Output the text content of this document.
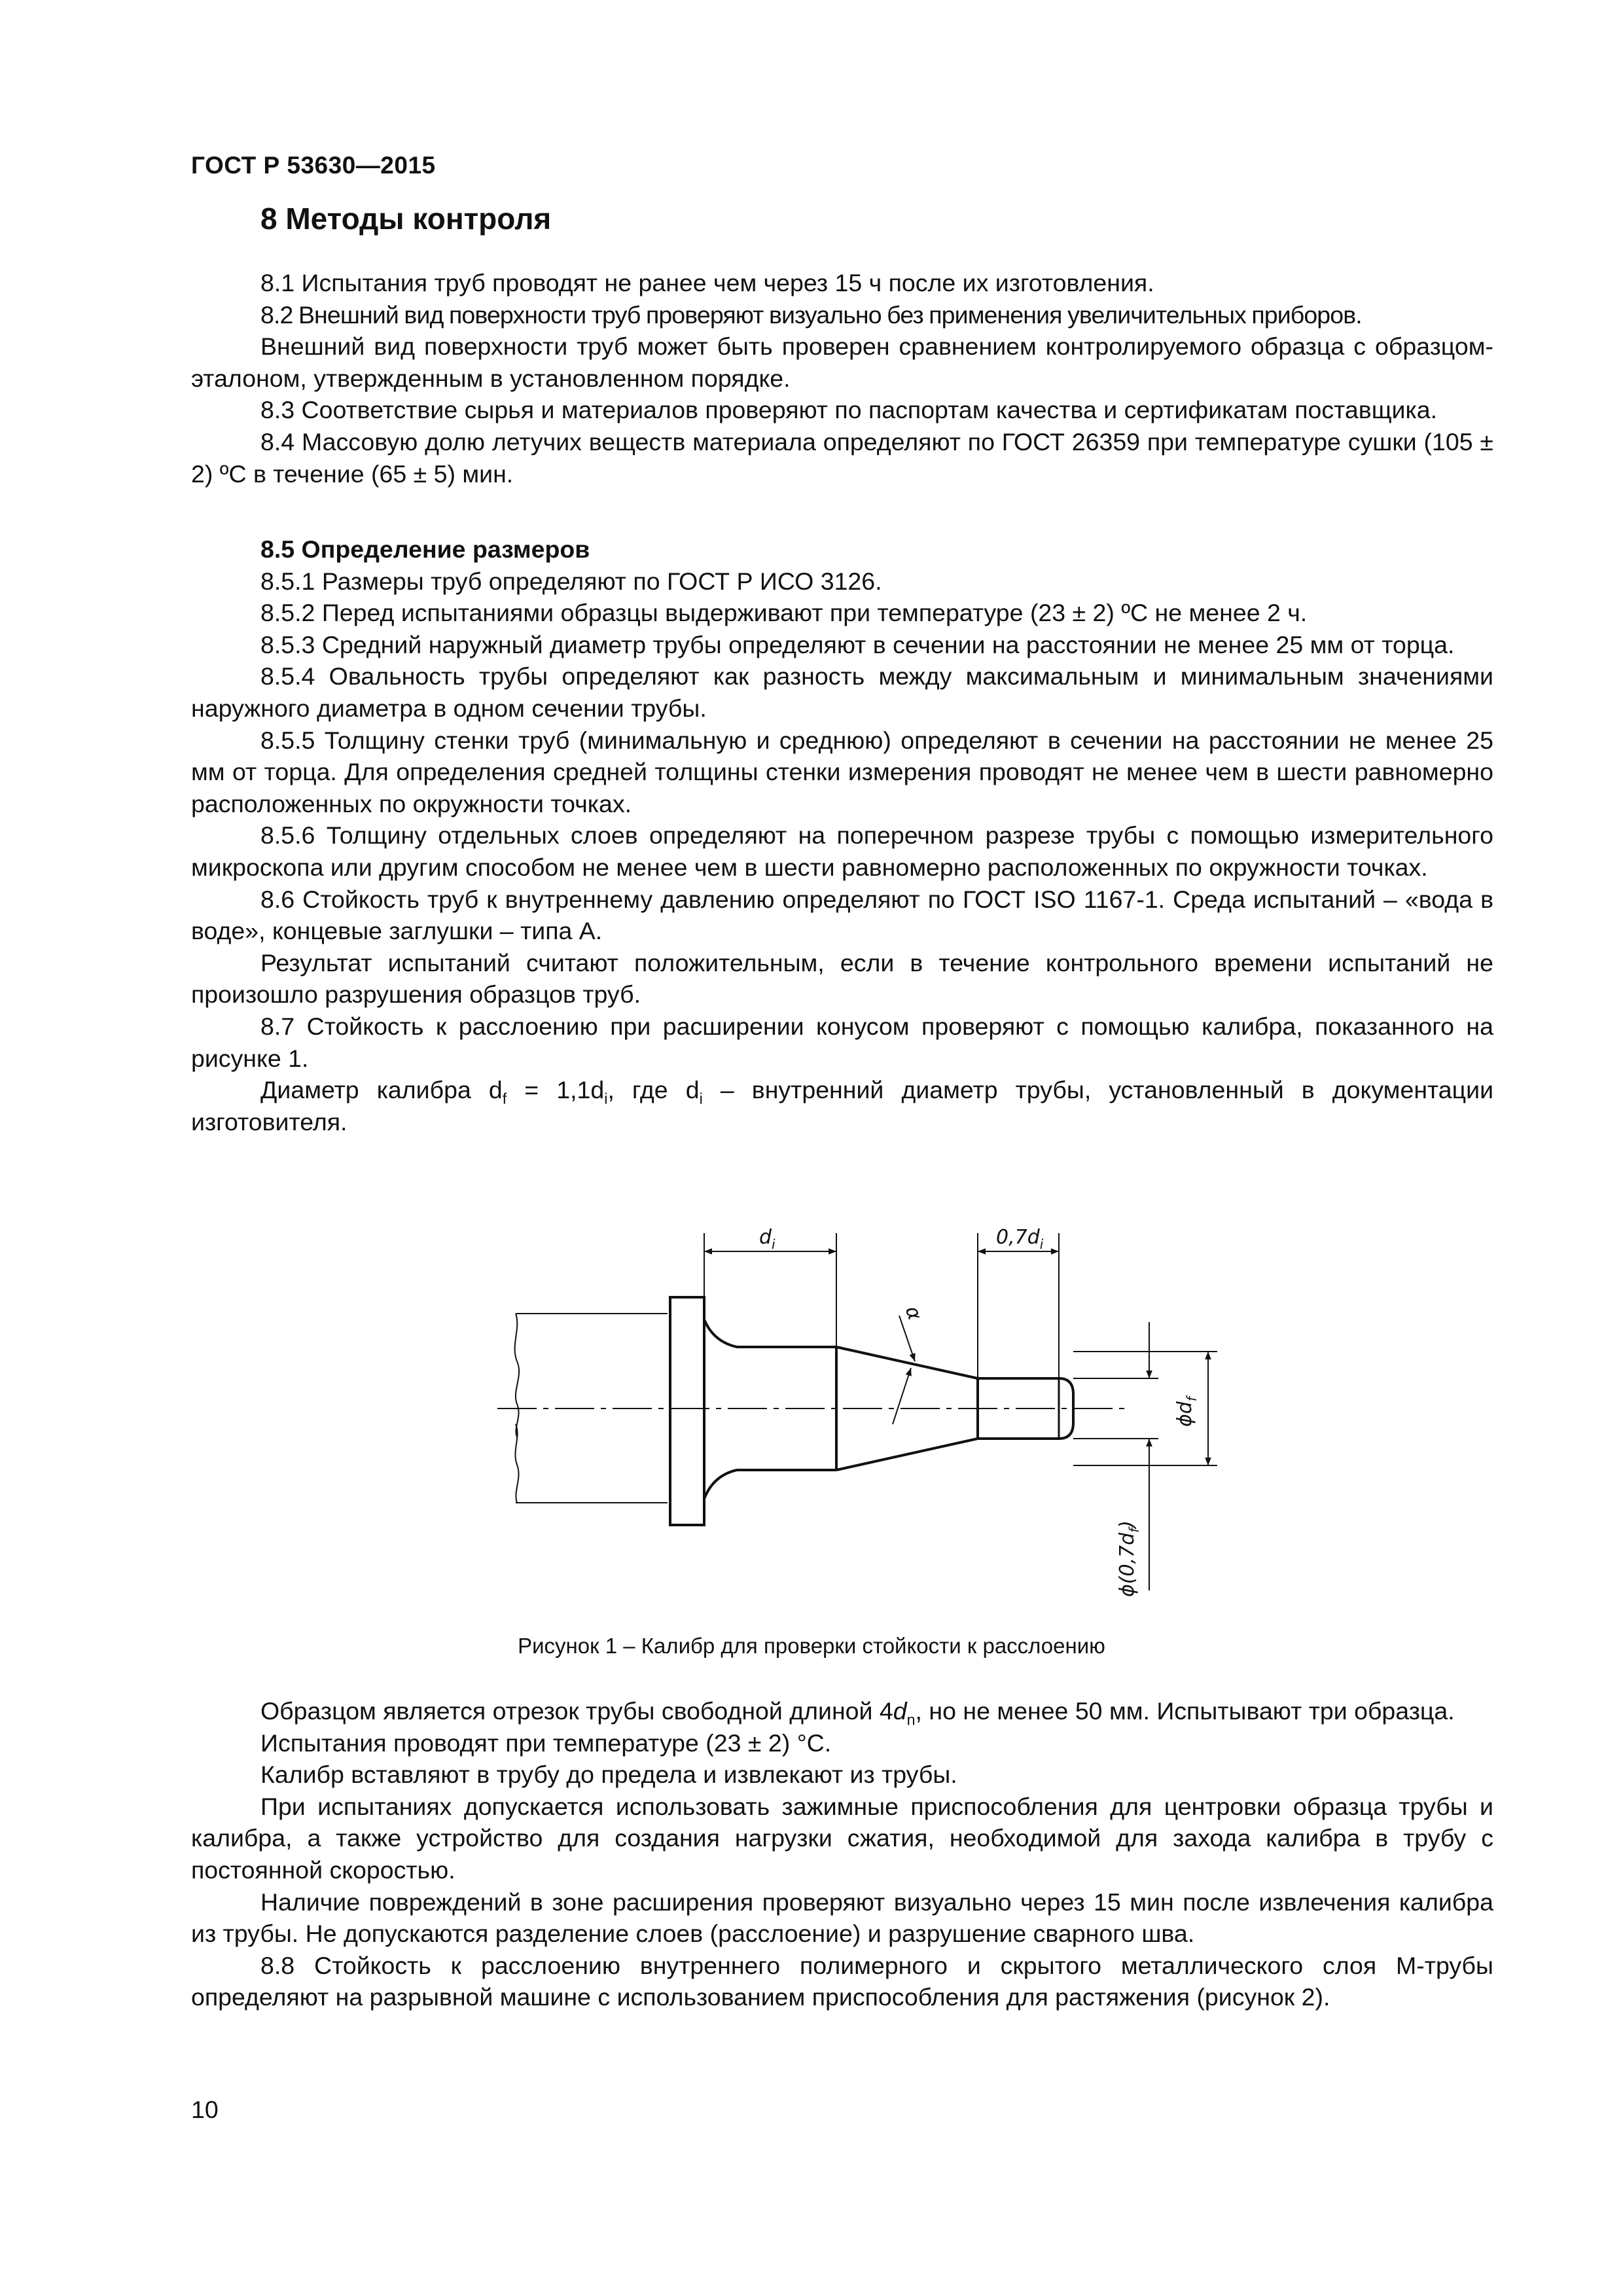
ГОСТ Р 53630—2015
8 Методы контроля

8.1 Испытания труб проводят не ранее чем через 15 ч после их изготовления.

8.2 Внешний вид поверхности труб проверяют визуально без применения увеличительных приборов.

Внешний вид поверхности труб может быть проверен сравнением контролируемого образца с образцом-эталоном, утвержденным в установленном порядке.

8.3 Соответствие сырья и материалов проверяют по паспортам качества и сертификатам поставщика.

8.4 Массовую долю летучих веществ материала определяют по ГОСТ 26359 при температуре сушки (105 ± 2) ºС в течение (65 ± 5) мин.

8.5 Определение размеров

8.5.1 Размеры труб определяют по ГОСТ Р ИСО 3126.

8.5.2 Перед испытаниями образцы выдерживают при температуре (23 ± 2) ºС не менее 2 ч.

8.5.3 Средний наружный диаметр трубы определяют в сечении на расстоянии не менее 25 мм от торца.

8.5.4 Овальность трубы определяют как разность между максимальным и минимальным значениями наружного диаметра в одном сечении трубы.

8.5.5 Толщину стенки труб (минимальную и среднюю) определяют в сечении на расстоянии не менее 25 мм от торца. Для определения средней толщины стенки измерения проводят не менее чем в шести равномерно расположенных по окружности точках.

8.5.6 Толщину отдельных слоев определяют на поперечном разрезе трубы с помощью измерительного микроскопа или другим способом не менее чем в шести равномерно расположенных по окружности точках.

8.6 Стойкость труб к внутреннему давлению определяют по ГОСТ ISO 1167-1. Среда испытаний – «вода в воде», концевые заглушки – типа А.

Результат испытаний считают положительным, если в течение контрольного времени испытаний не произошло разрушения образцов труб.

8.7 Стойкость к расслоению при расширении конусом проверяют с помощью калибра, показанного на рисунке 1.

Диаметр калибра $d_f = 1,1d_i$, где $d_i$ – внутренний диаметр трубы, установленный в документации изготовителя.

$d_i$	$0,7d_i$
α
$\phi d_f$
$\phi(0,7d_f)$
Рисунок 1 – Калибр для проверки стойкости к расслоению

Образцом является отрезок трубы свободной длиной $4d_n$, но не менее 50 мм. Испытывают три образца.

Испытания проводят при температуре (23 ± 2) °С.

Калибр вставляют в трубу до предела и извлекают из трубы.

При испытаниях допускается использовать зажимные приспособления для центровки образца трубы и калибра, а также устройство для создания нагрузки сжатия, необходимой для захода калибра в трубу с постоянной скоростью.

Наличие повреждений в зоне расширения проверяют визуально через 15 мин после извлечения калибра из трубы. Не допускаются разделение слоев (расслоение) и разрушение сварного шва.

8.8 Стойкость к расслоению внутреннего полимерного и скрытого металлического слоя М-трубы определяют на разрывной машине с использованием приспособления для растяжения (рисунок 2).

10
